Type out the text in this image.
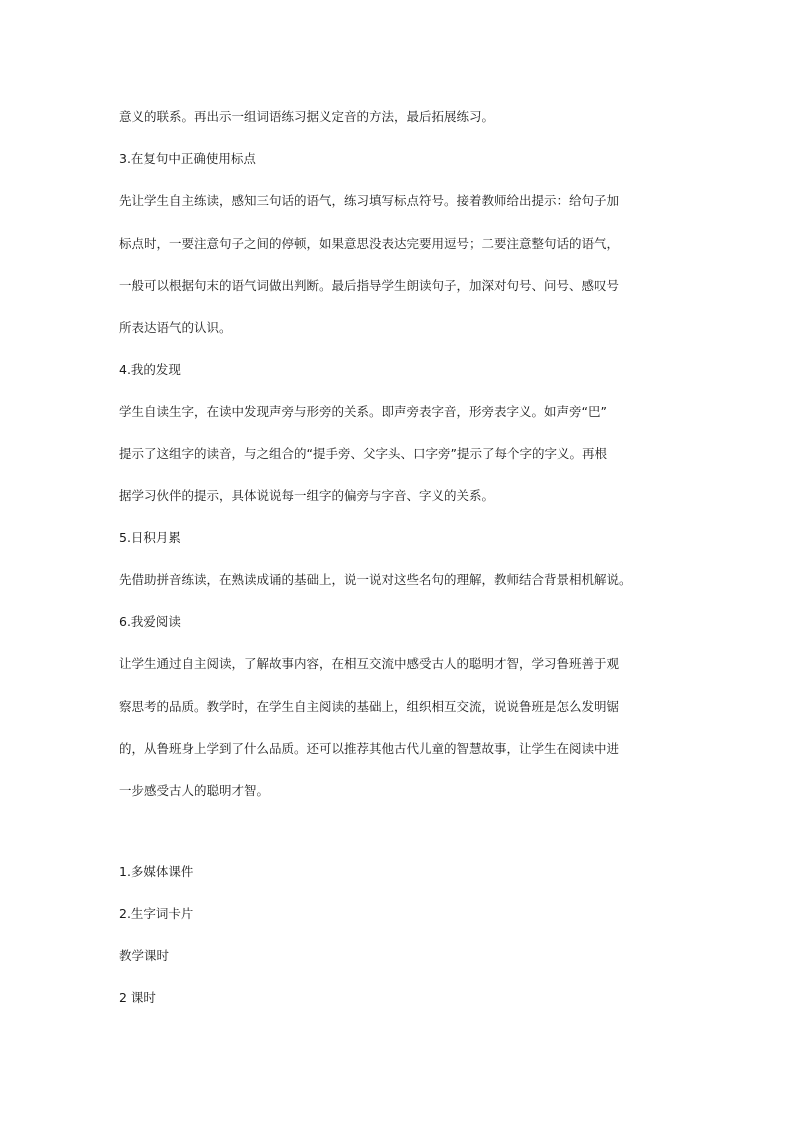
意义的联系。再出示一组词语练习据义定音的方法，最后拓展练习。
3.在复句中正确使用标点
先让学生自主练读，感知三句话的语气，练习填写标点符号。接着教师给出提示：给句子加
标点时，一要注意句子之间的停顿，如果意思没表达完要用逗号；二要注意整句话的语气，
一般可以根据句末的语气词做出判断。最后指导学生朗读句子，加深对句号、问号、感叹号
所表达语气的认识。
4.我的发现
学生自读生字，在读中发现声旁与形旁的关系。即声旁表字音，形旁表字义。如声旁“巴”
提示了这组字的读音，与之组合的“提手旁、父字头、口字旁”提示了每个字的字义。再根
据学习伙伴的提示，具体说说每一组字的偏旁与字音、字义的关系。
5.日积月累
先借助拼音练读，在熟读成诵的基础上，说一说对这些名句的理解，教师结合背景相机解说。
6.我爱阅读
让学生通过自主阅读，了解故事内容，在相互交流中感受古人的聪明才智，学习鲁班善于观
察思考的品质。教学时，在学生自主阅读的基础上，组织相互交流，说说鲁班是怎么发明锯
的，从鲁班身上学到了什么品质。还可以推荐其他古代儿童的智慧故事，让学生在阅读中进
一步感受古人的聪明才智。
1.多媒体课件
2.生字词卡片
教学课时
2 课时
